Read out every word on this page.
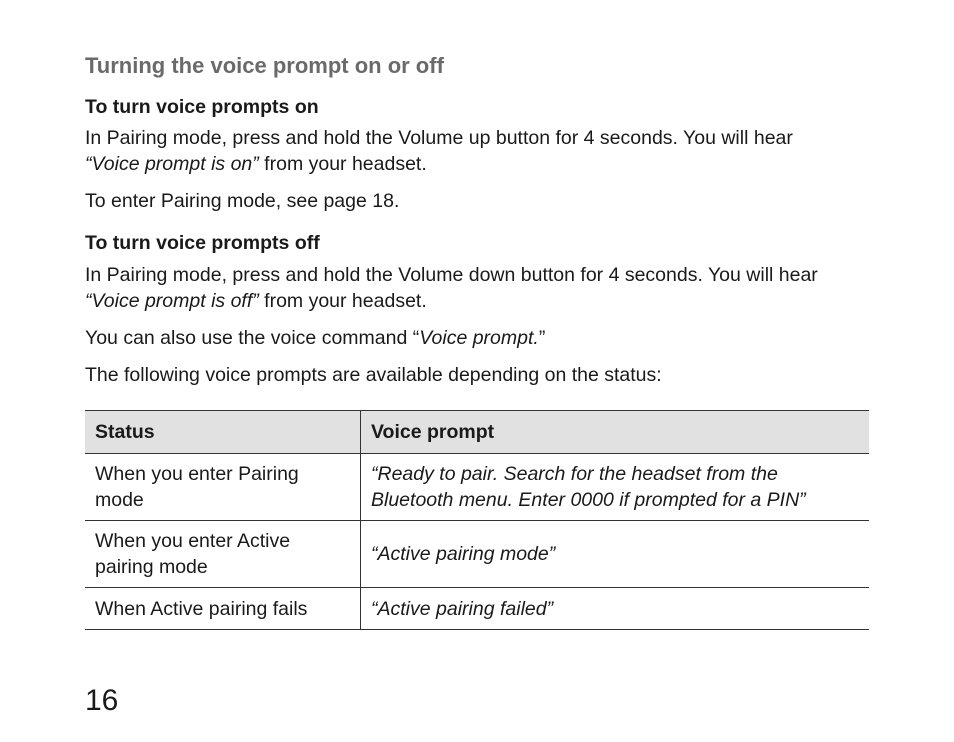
Turning the voice prompt on or off
To turn voice prompts on
In Pairing mode, press and hold the Volume up button for 4 seconds. You will hear
“Voice prompt is on” from your headset.
To enter Pairing mode, see page 18.
To turn voice prompts off
In Pairing mode, press and hold the Volume down button for 4 seconds. You will hear “Voice prompt is off” from your headset.
You can also use the voice command “Voice prompt.”
The following voice prompts are available depending on the status:
Status	Voice prompt
When you enter Pairing mode	“Ready to pair. Search for the headset from the Bluetooth menu. Enter 0000 if prompted for a PIN”
When you enter Active pairing mode	“Active pairing mode”
When Active pairing fails	“Active pairing failed”
16
